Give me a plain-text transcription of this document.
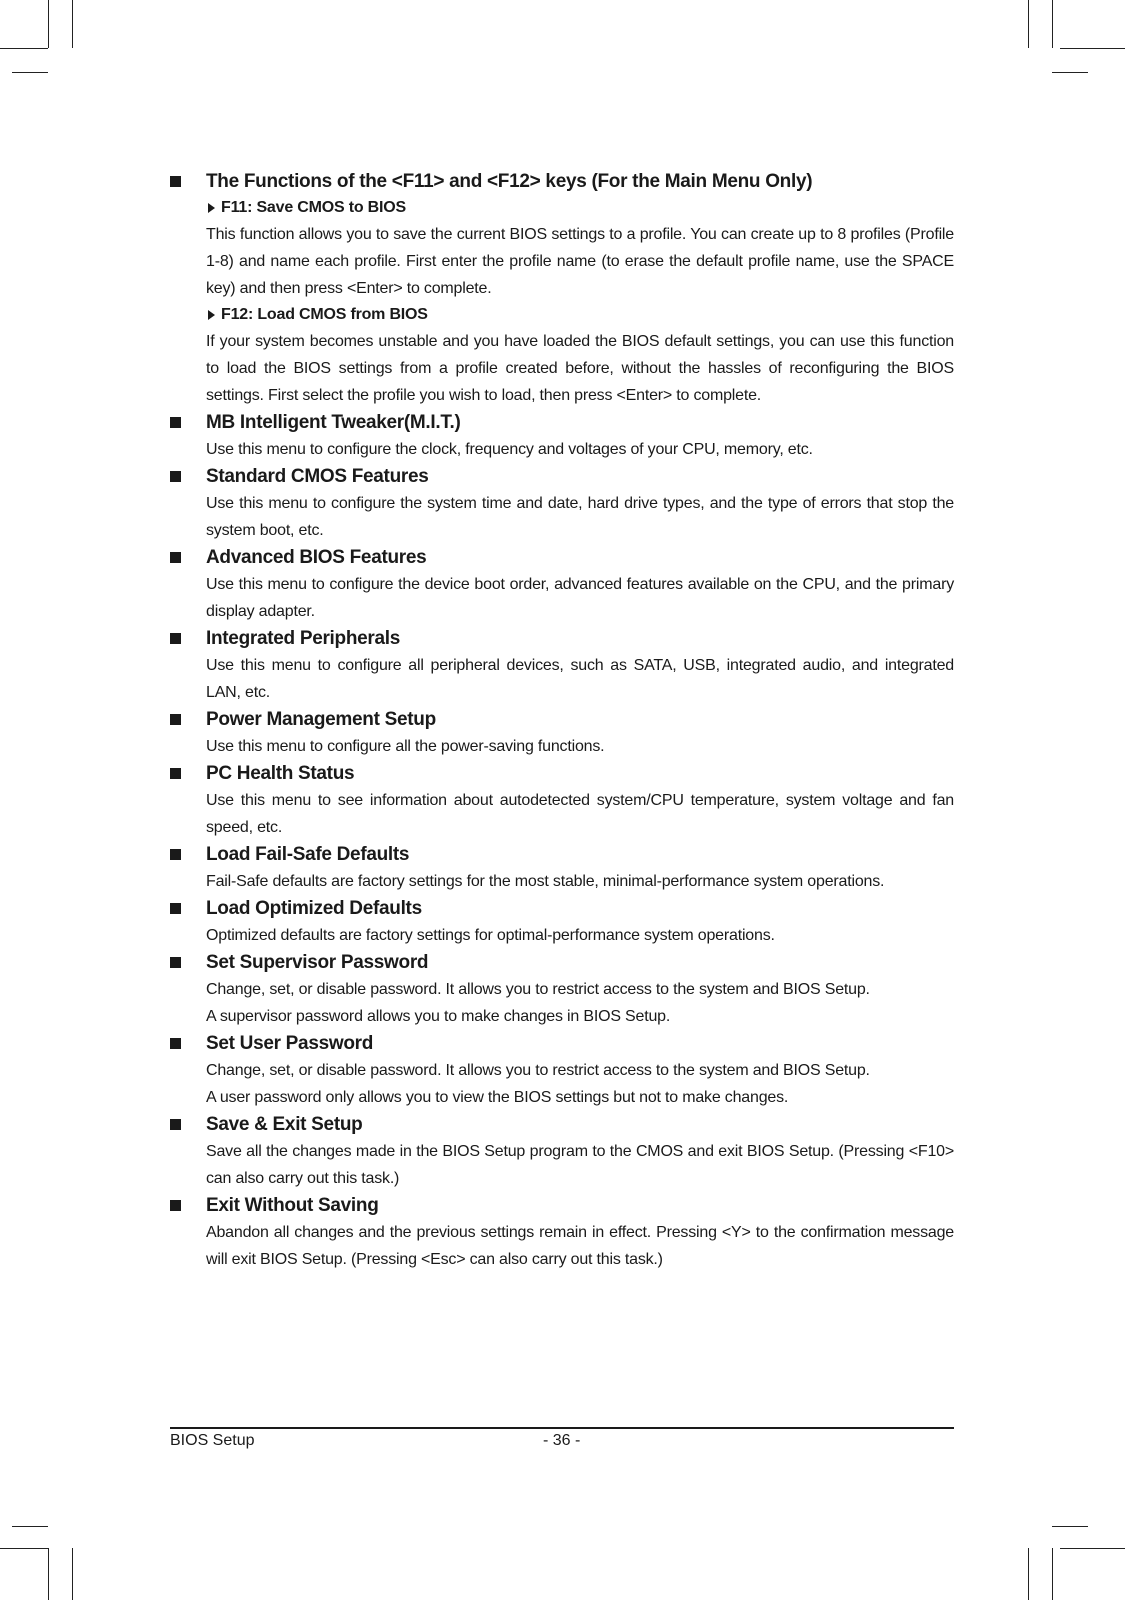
The Functions of the <F11> and <F12> keys (For the Main Menu Only)
F11: Save CMOS to BIOS

This function allows you to save the current BIOS settings to a profile. You can create up to 8 profiles (Profile 1-8) and name each profile. First enter the profile name (to erase the default profile name, use the SPACE key) and then press <Enter> to complete.

F12: Load CMOS from BIOS

If your system becomes unstable and you have loaded the BIOS default settings, you can use this function to load the BIOS settings from a profile created before, without the hassles of reconfiguring the BIOS settings. First select the profile you wish to load, then press <Enter> to complete.

MB Intelligent Tweaker(M.I.T.)

Use this menu to configure the clock, frequency and voltages of your CPU, memory, etc.

Standard CMOS Features

Use this menu to configure the system time and date, hard drive types, and the type of errors that stop the system boot, etc.

Advanced BIOS Features

Use this menu to configure the device boot order, advanced features available on the CPU, and the primary display adapter.

Integrated Peripherals

Use this menu to configure all peripheral devices, such as SATA, USB, integrated audio, and integrated LAN, etc.

Power Management Setup

Use this menu to configure all the power-saving functions.

PC Health Status

Use this menu to see information about autodetected system/CPU temperature, system voltage and fan speed, etc.

Load Fail-Safe Defaults

Fail-Safe defaults are factory settings for the most stable, minimal-performance system operations.

Load Optimized Defaults

Optimized defaults are factory settings for optimal-performance system operations.

Set Supervisor Password

Change, set, or disable password. It allows you to restrict access to the system and BIOS Setup.

A supervisor password allows you to make changes in BIOS Setup.

Set User Password

Change, set, or disable password. It allows you to restrict access to the system and BIOS Setup.

A user password only allows you to view the BIOS settings but not to make changes.

Save & Exit Setup

Save all the changes made in the BIOS Setup program to the CMOS and exit BIOS Setup. (Pressing <F10> can also carry out this task.)

Exit Without Saving

Abandon all changes and the previous settings remain in effect. Pressing <Y> to the confirmation message will exit BIOS Setup. (Pressing <Esc> can also carry out this task.)

BIOS Setup	- 36 -
